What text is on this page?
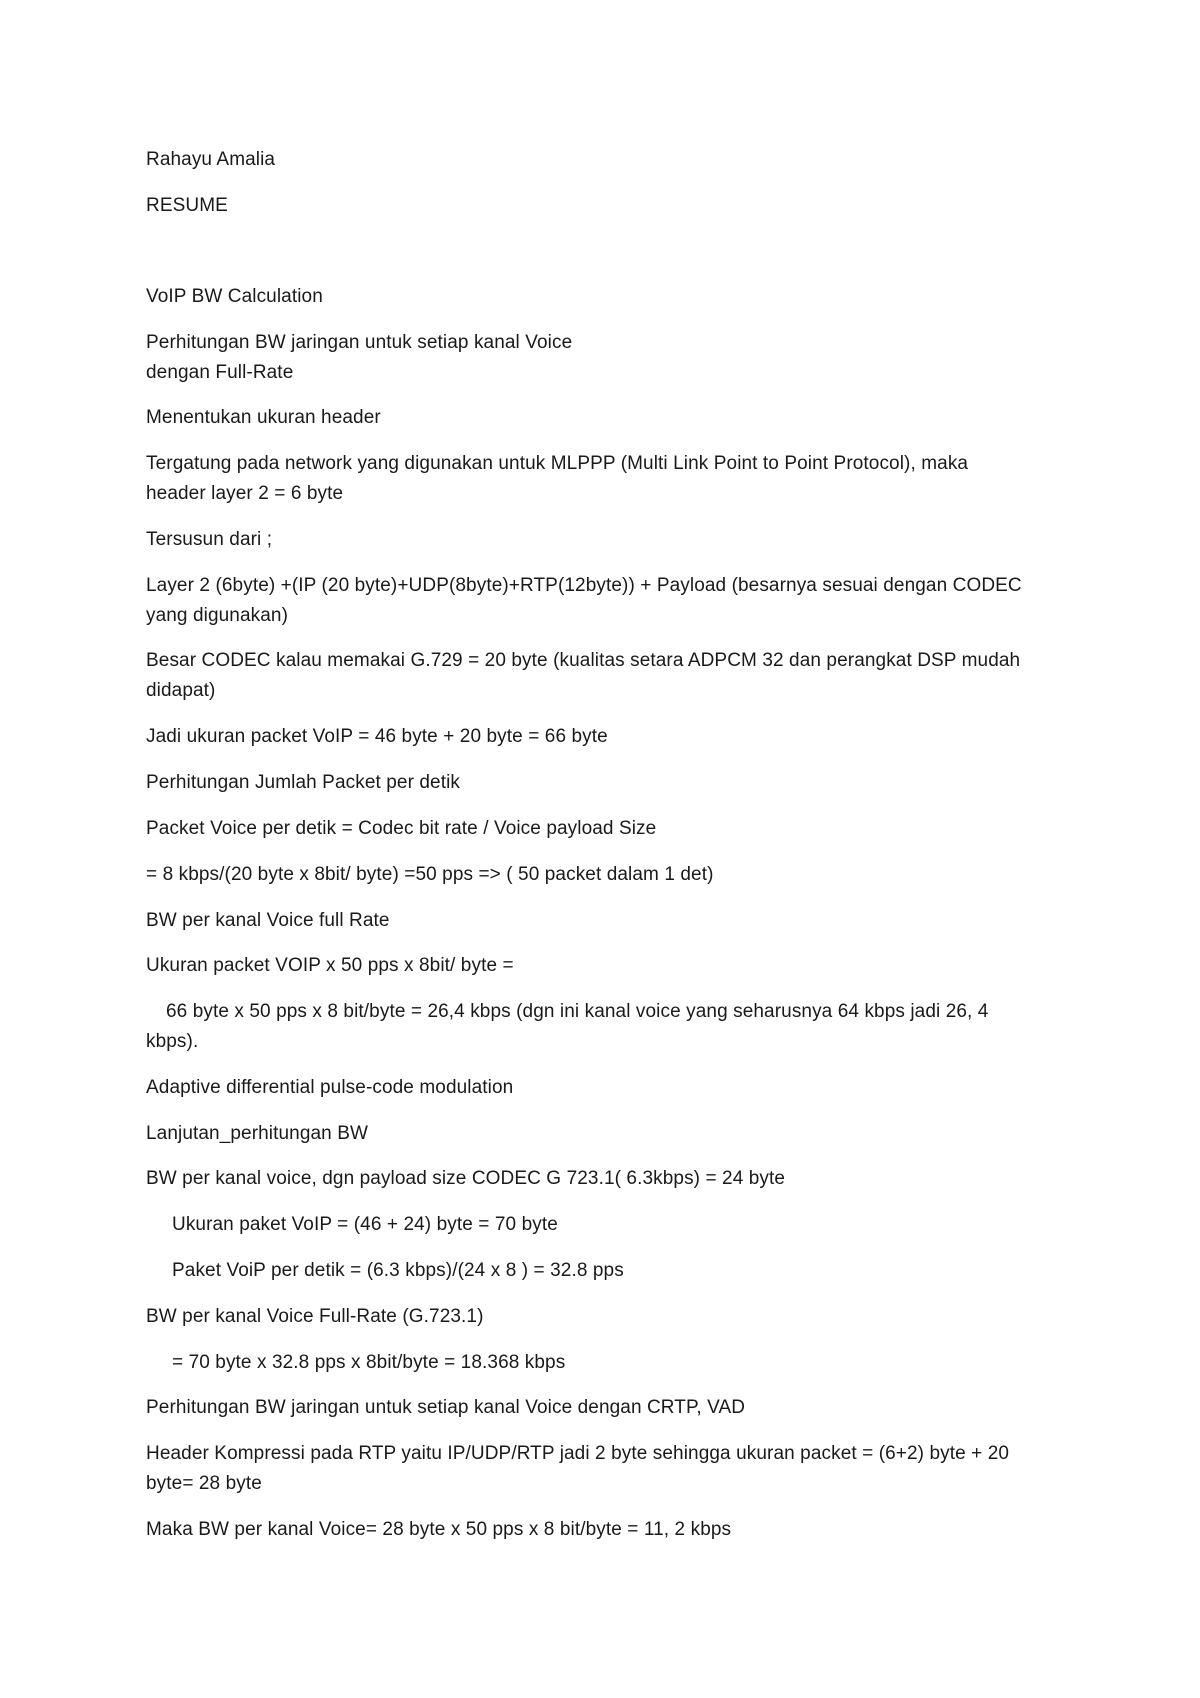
Rahayu Amalia

RESUME

VoIP BW Calculation

Perhitungan BW jaringan untuk setiap kanal Voice

dengan Full-Rate

Menentukan ukuran header

Tergatung pada network yang digunakan untuk MLPPP (Multi Link Point to Point Protocol), maka

header layer 2 = 6 byte

Tersusun dari ;

Layer 2 (6byte) +(IP (20 byte)+UDP(8byte)+RTP(12byte)) + Payload (besarnya sesuai dengan CODEC

yang digunakan)

Besar CODEC kalau memakai G.729 = 20 byte (kualitas setara ADPCM 32 dan perangkat DSP mudah

didapat)

Jadi ukuran packet VoIP = 46 byte + 20 byte = 66 byte

Perhitungan Jumlah Packet per detik

Packet Voice per detik = Codec bit rate / Voice payload Size

= 8 kbps/(20 byte x 8bit/ byte) =50 pps => ( 50 packet dalam 1 det)

BW per kanal Voice full Rate

Ukuran packet VOIP x 50 pps x 8bit/ byte =

66 byte x 50 pps x 8 bit/byte = 26,4 kbps (dgn ini kanal voice yang seharusnya 64 kbps jadi 26, 4

kbps).

Adaptive differential pulse-code modulation

Lanjutan_perhitungan BW

BW per kanal voice, dgn payload size CODEC G 723.1( 6.3kbps) = 24 byte

Ukuran paket VoIP = (46 + 24) byte = 70 byte

Paket VoiP per detik = (6.3 kbps)/(24 x 8 ) = 32.8 pps

BW per kanal Voice Full-Rate (G.723.1)

= 70 byte x 32.8 pps x 8bit/byte = 18.368 kbps

Perhitungan BW jaringan untuk setiap kanal Voice dengan CRTP, VAD

Header Kompressi pada RTP yaitu IP/UDP/RTP jadi 2 byte sehingga ukuran packet = (6+2) byte + 20

byte= 28 byte

Maka BW per kanal Voice= 28 byte x 50 pps x 8 bit/byte = 11, 2 kbps
